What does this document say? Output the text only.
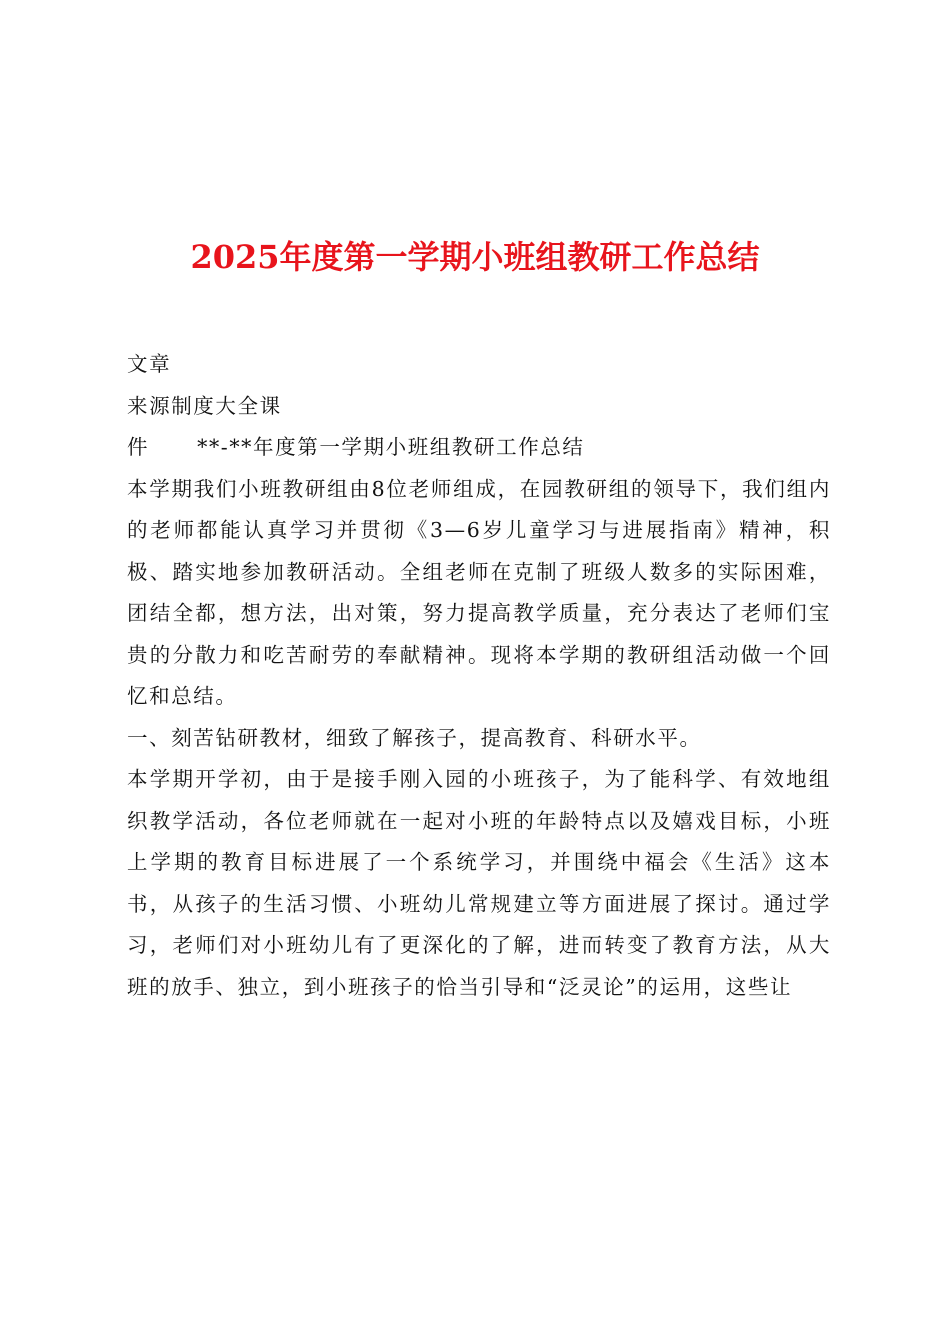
2025年度第一学期小班组教研工作总结

文章

来源制度大全课

件 **-**年度第一学期小班组教研工作总结

本学期我们小班教研组由8位老师组成，在园教研组的领导下，我们组内的老师都能认真学习并贯彻《3—6岁儿童学习与进展指南》精神，积极、踏实地参加教研活动。全组老师在克制了班级人数多的实际困难，团结全都，想方法，出对策，努力提高教学质量，充分表达了老师们宝贵的分散力和吃苦耐劳的奉献精神。现将本学期的教研组活动做一个回忆和总结。

一、刻苦钻研教材，细致了解孩子，提高教育、科研水平。

本学期开学初，由于是接手刚入园的小班孩子，为了能科学、有效地组织教学活动，各位老师就在一起对小班的年龄特点以及嬉戏目标，小班上学期的教育目标进展了一个系统学习，并围绕中福会《生活》这本书，从孩子的生活习惯、小班幼儿常规建立等方面进展了探讨。通过学习，老师们对小班幼儿有了更深化的了解，进而转变了教育方法，从大班的放手、独立，到小班孩子的恰当引导和“泛灵论”的运用，这些让
